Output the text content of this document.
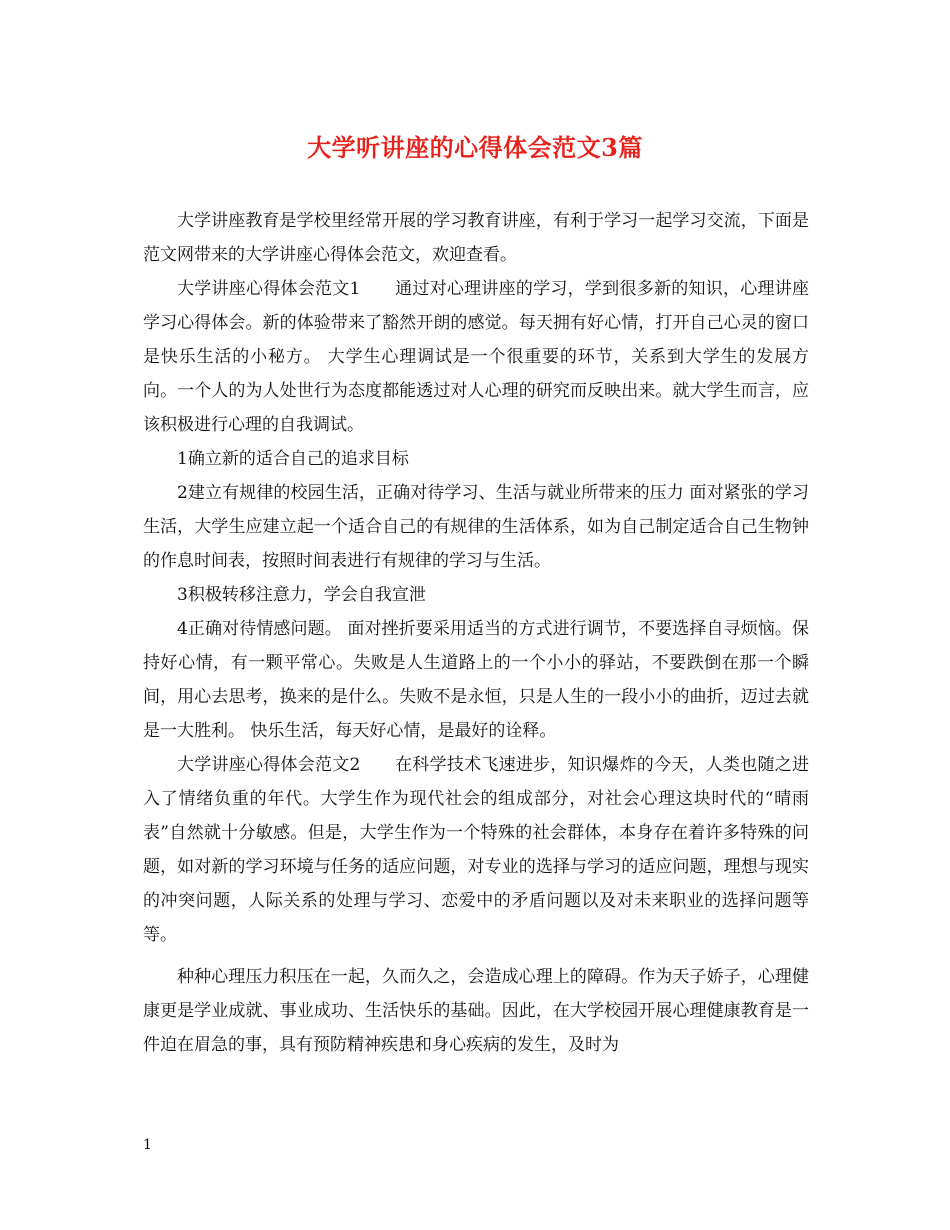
大学听讲座的心得体会范文3篇

大学讲座教育是学校里经常开展的学习教育讲座，有利于学习一起学习交流，下面是范文网带来的大学讲座心得体会范文，欢迎查看。

大学讲座心得体会范文1　　通过对心理讲座的学习，学到很多新的知识，心理讲座学习心得体会。新的体验带来了豁然开朗的感觉。每天拥有好心情，打开自己心灵的窗口是快乐生活的小秘方。 大学生心理调试是一个很重要的环节，关系到大学生的发展方向。一个人的为人处世行为态度都能透过对人心理的研究而反映出来。就大学生而言，应该积极进行心理的自我调试。

1确立新的适合自己的追求目标

2建立有规律的校园生活，正确对待学习、生活与就业所带来的压力 面对紧张的学习生活，大学生应建立起一个适合自己的有规律的生活体系，如为自己制定适合自己生物钟的作息时间表，按照时间表进行有规律的学习与生活。

3积极转移注意力，学会自我宣泄

4正确对待情感问题。 面对挫折要采用适当的方式进行调节，不要选择自寻烦恼。保持好心情，有一颗平常心。失败是人生道路上的一个小小的驿站，不要跌倒在那一个瞬间，用心去思考，换来的是什么。失败不是永恒，只是人生的一段小小的曲折，迈过去就是一大胜利。 快乐生活，每天好心情，是最好的诠释。

大学讲座心得体会范文2　　在科学技术飞速进步，知识爆炸的今天，人类也随之进入了情绪负重的年代。大学生作为现代社会的组成部分，对社会心理这块时代的“晴雨表”自然就十分敏感。但是，大学生作为一个特殊的社会群体，本身存在着许多特殊的问题，如对新的学习环境与任务的适应问题，对专业的选择与学习的适应问题，理想与现实的冲突问题，人际关系的处理与学习、恋爱中的矛盾问题以及对未来职业的选择问题等等。

种种心理压力积压在一起，久而久之，会造成心理上的障碍。作为天子娇子，心理健康更是学业成就、事业成功、生活快乐的基础。因此，在大学校园开展心理健康教育是一件迫在眉急的事，具有预防精神疾患和身心疾病的发生，及时为

1
